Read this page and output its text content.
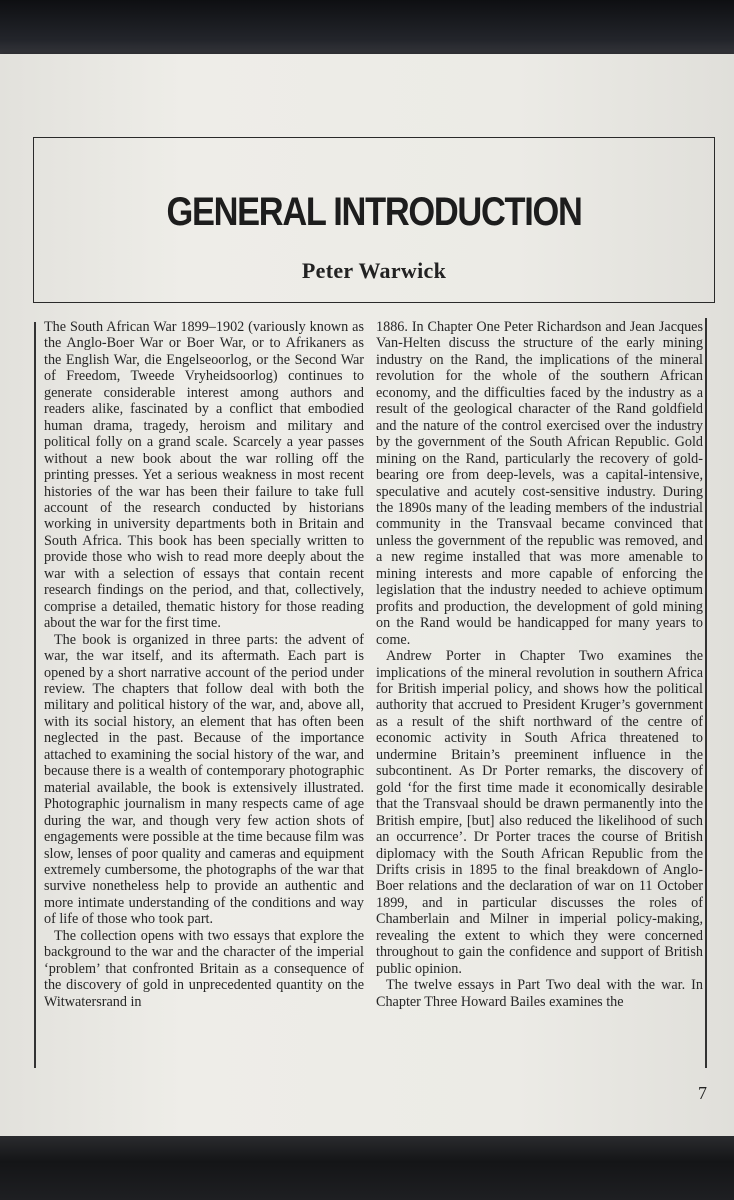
GENERAL INTRODUCTION
Peter Warwick

The South African War 1899–1902 (variously known as the Anglo-Boer War or Boer War, or to Afrikaners as the English War, die Engelseoorlog, or the Second War of Freedom, Tweede Vryheidsoorlog) continues to generate considerable interest among authors and readers alike, fascinated by a conflict that embodied human drama, tragedy, heroism and military and political folly on a grand scale. Scarcely a year passes without a new book about the war rolling off the printing presses. Yet a serious weakness in most recent histories of the war has been their failure to take full account of the research conducted by historians working in university departments both in Britain and South Africa. This book has been specially written to provide those who wish to read more deeply about the war with a selection of essays that contain recent research findings on the period, and that, collectively, comprise a detailed, thematic history for those reading about the war for the first time.

The book is organized in three parts: the advent of war, the war itself, and its aftermath. Each part is opened by a short narrative account of the period under review. The chapters that follow deal with both the military and political history of the war, and, above all, with its social history, an element that has often been neglected in the past. Because of the importance attached to examining the social history of the war, and because there is a wealth of contemporary photographic material available, the book is extensively illustrated. Photographic journalism in many respects came of age during the war, and though very few action shots of engagements were possible at the time because film was slow, lenses of poor quality and cameras and equipment extremely cumbersome, the photographs of the war that survive nonetheless help to provide an authentic and more intimate understanding of the conditions and way of life of those who took part.

The collection opens with two essays that explore the background to the war and the character of the imperial ‘problem’ that confronted Britain as a consequence of the discovery of gold in unprecedented quantity on the Witwatersrand in

1886. In Chapter One Peter Richardson and Jean Jacques Van-Helten discuss the structure of the early mining industry on the Rand, the implications of the mineral revolution for the whole of the southern African economy, and the difficulties faced by the industry as a result of the geological character of the Rand goldfield and the nature of the control exercised over the industry by the government of the South African Republic. Gold mining on the Rand, particularly the recovery of gold-bearing ore from deep-levels, was a capital-intensive, speculative and acutely cost-sensitive industry. During the 1890s many of the leading members of the industrial community in the Transvaal became convinced that unless the government of the republic was removed, and a new regime installed that was more amenable to mining interests and more capable of enforcing the legislation that the industry needed to achieve optimum profits and production, the development of gold mining on the Rand would be handicapped for many years to come.

Andrew Porter in Chapter Two examines the implications of the mineral revolution in southern Africa for British imperial policy, and shows how the political authority that accrued to President Kruger’s government as a result of the shift northward of the centre of economic activity in South Africa threatened to undermine Britain’s preeminent influence in the subcontinent. As Dr Porter remarks, the discovery of gold ‘for the first time made it economically desirable that the Transvaal should be drawn permanently into the British empire, [but] also reduced the likelihood of such an occurrence’. Dr Porter traces the course of British diplomacy with the South African Republic from the Drifts crisis in 1895 to the final breakdown of Anglo-Boer relations and the declaration of war on 11 October 1899, and in particular discusses the roles of Chamberlain and Milner in imperial policy-making, revealing the extent to which they were concerned throughout to gain the confidence and support of British public opinion.

The twelve essays in Part Two deal with the war. In Chapter Three Howard Bailes examines the

7
